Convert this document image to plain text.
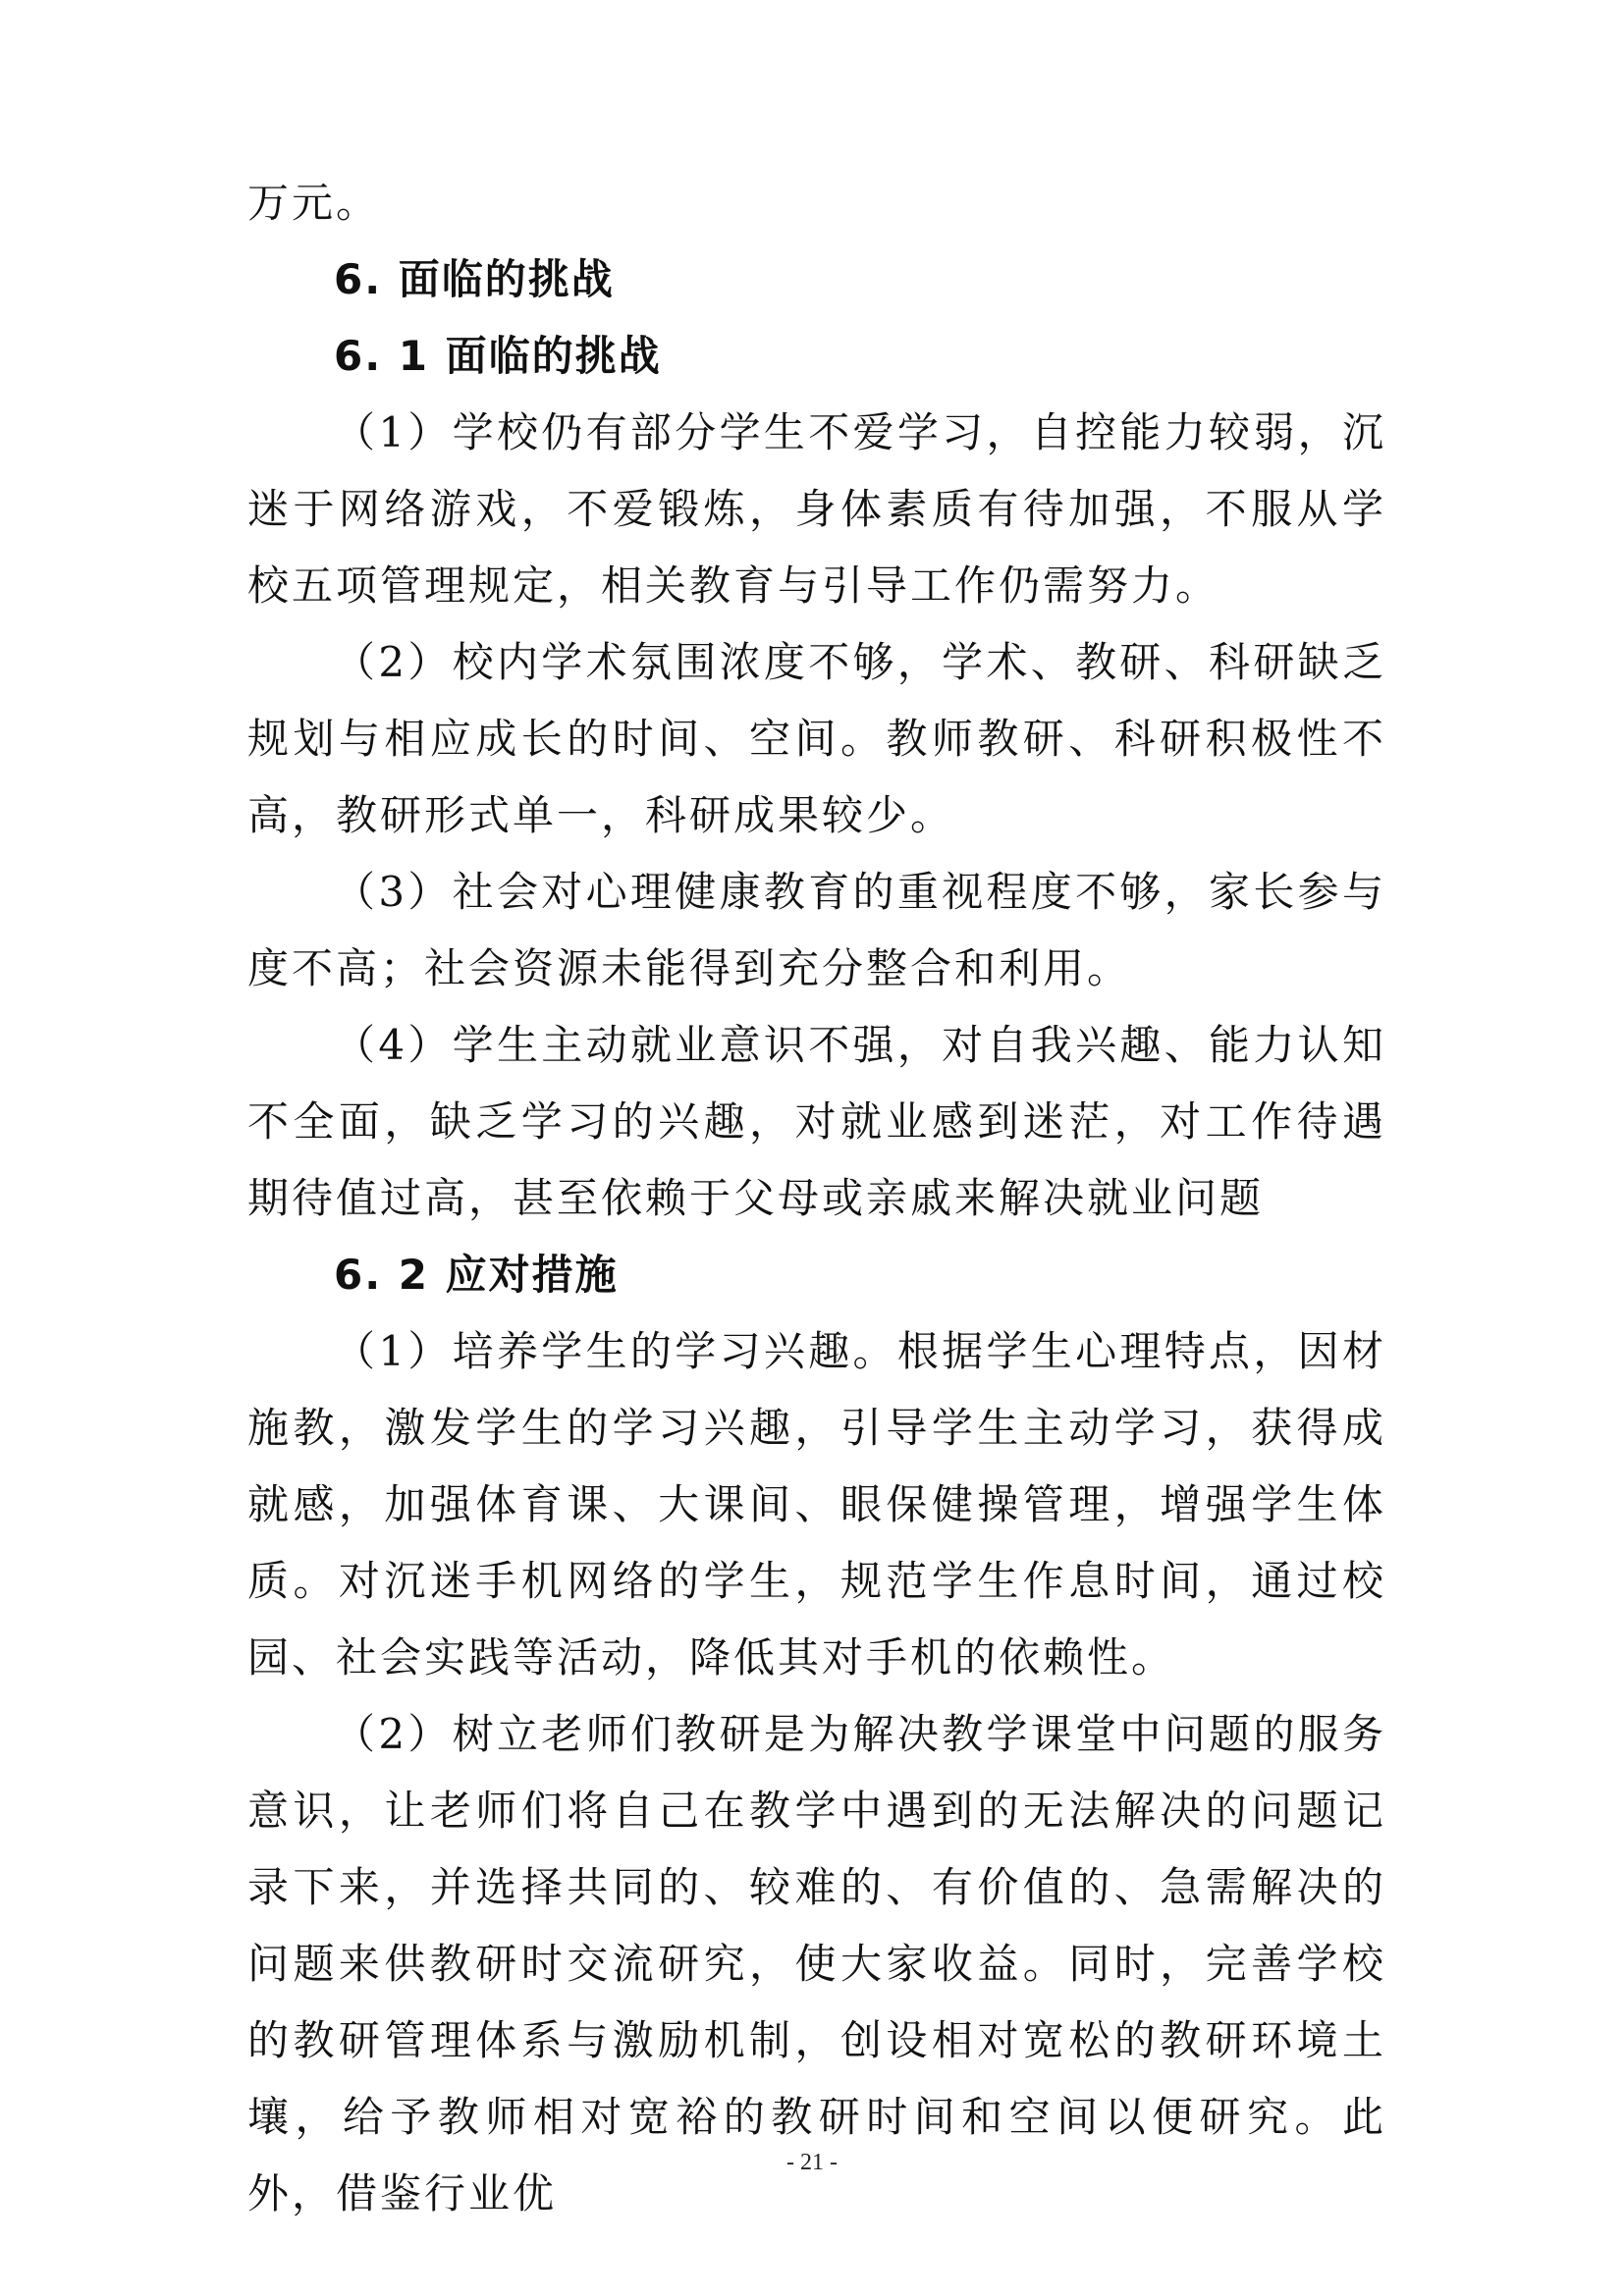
万元。

6. 面临的挑战

6. 1 面临的挑战

（1）学校仍有部分学生不爱学习，自控能力较弱，沉迷于网络游戏，不爱锻炼，身体素质有待加强，不服从学校五项管理规定，相关教育与引导工作仍需努力。

（2）校内学术氛围浓度不够，学术、教研、科研缺乏规划与相应成长的时间、空间。教师教研、科研积极性不高，教研形式单一，科研成果较少。

（3）社会对心理健康教育的重视程度不够，家长参与度不高；社会资源未能得到充分整合和利用。

（4）学生主动就业意识不强，对自我兴趣、能力认知不全面，缺乏学习的兴趣，对就业感到迷茫，对工作待遇期待值过高，甚至依赖于父母或亲戚来解决就业问题

6. 2 应对措施

（1）培养学生的学习兴趣。根据学生心理特点，因材施教，激发学生的学习兴趣，引导学生主动学习，获得成就感，加强体育课、大课间、眼保健操管理，增强学生体质。对沉迷手机网络的学生，规范学生作息时间，通过校园、社会实践等活动，降低其对手机的依赖性。

（2）树立老师们教研是为解决教学课堂中问题的服务意识，让老师们将自己在教学中遇到的无法解决的问题记录下来，并选择共同的、较难的、有价值的、急需解决的问题来供教研时交流研究，使大家收益。同时，完善学校的教研管理体系与激励机制，创设相对宽松的教研环境土壤，给予教师相对宽裕的教研时间和空间以便研究。此外，借鉴行业优

- 21 -
